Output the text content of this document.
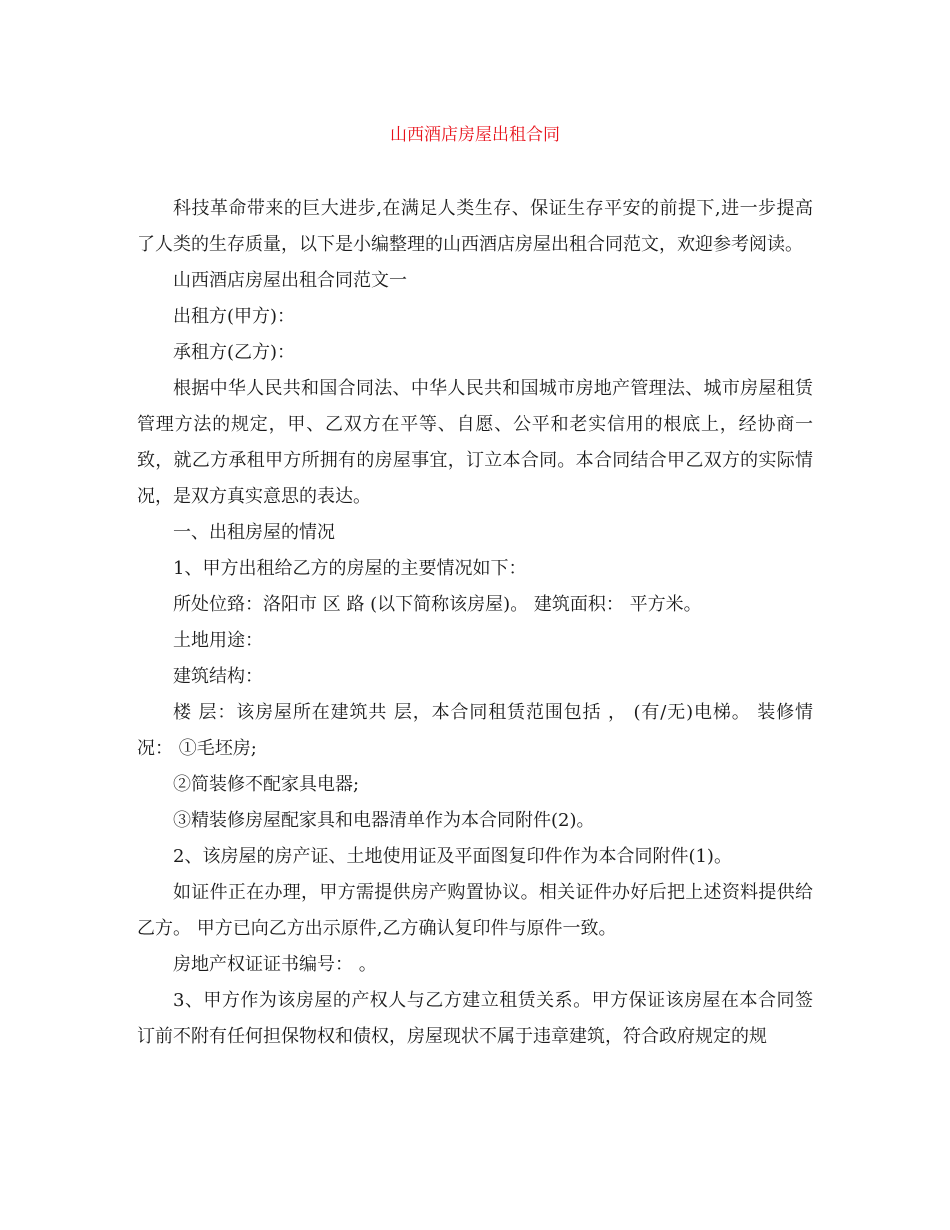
山西酒店房屋出租合同

科技革命带来的巨大进步,在满足人类生存、保证生存平安的前提下,进一步提高了人类的生存质量，以下是小编整理的山西酒店房屋出租合同范文，欢迎参考阅读。

山西酒店房屋出租合同范文一

出租方(甲方)：

承租方(乙方)：

根据中华人民共和国合同法、中华人民共和国城市房地产管理法、城市房屋租赁管理方法的规定，甲、乙双方在平等、自愿、公平和老实信用的根底上，经协商一致，就乙方承租甲方所拥有的房屋事宜，订立本合同。本合同结合甲乙双方的实际情况，是双方真实意思的表达。

一、出租房屋的情况

1、甲方出租给乙方的房屋的主要情况如下：

所处位臵：洛阳市 区 路 (以下简称该房屋)。 建筑面积： 平方米。

土地用途：

建筑结构：

楼 层：该房屋所在建筑共 层，本合同租赁范围包括 ， (有/无)电梯。 装修情况： ①毛坯房;

②简装修不配家具电器;

③精装修房屋配家具和电器清单作为本合同附件(2)。

2、该房屋的房产证、土地使用证及平面图复印件作为本合同附件(1)。

如证件正在办理，甲方需提供房产购置协议。相关证件办好后把上述资料提供给乙方。 甲方已向乙方出示原件,乙方确认复印件与原件一致。

房地产权证证书编号： 。

3、甲方作为该房屋的产权人与乙方建立租赁关系。甲方保证该房屋在本合同签订前不附有任何担保物权和债权，房屋现状不属于违章建筑，符合政府规定的规
